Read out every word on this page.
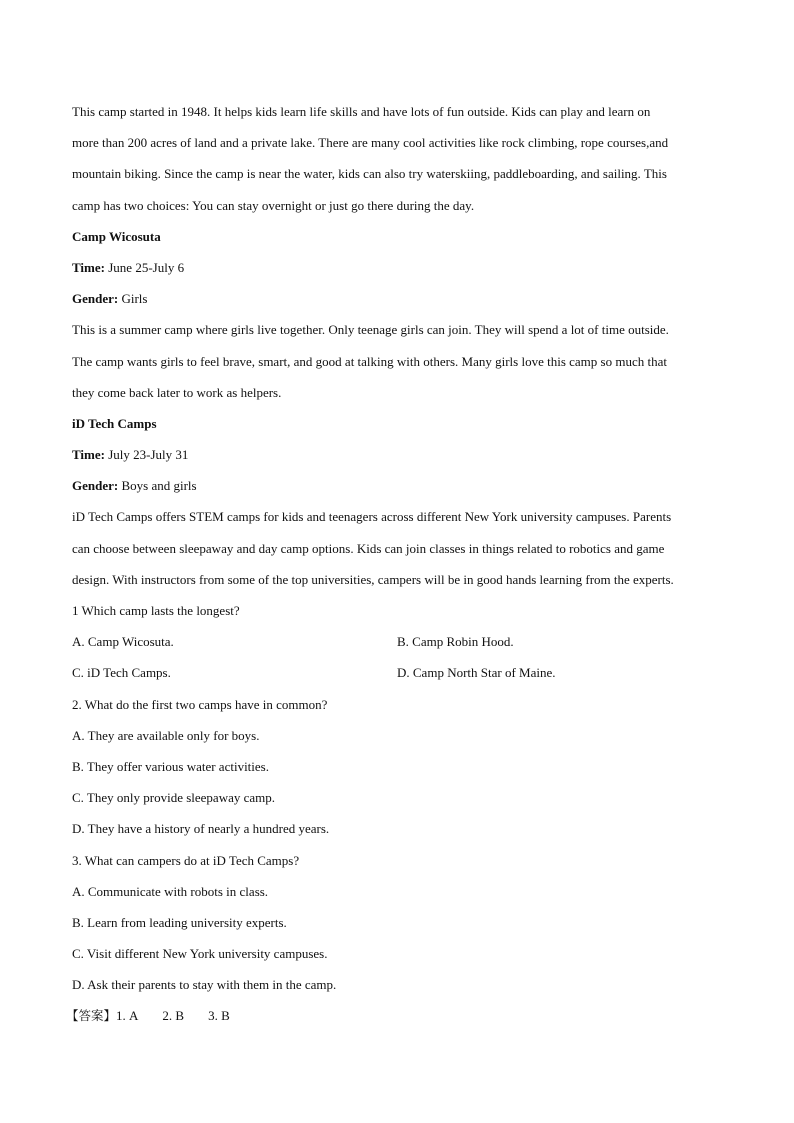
This camp started in 1948. It helps kids learn life skills and have lots of fun outside. Kids can play and learn on
more than 200 acres of land and a private lake. There are many cool activities like rock climbing, rope courses,and
mountain biking. Since the camp is near the water, kids can also try waterskiing, paddleboarding, and sailing. This
camp has two choices: You can stay overnight or just go there during the day.
Camp Wicosuta
Time: June 25-July 6
Gender: Girls
This is a summer camp where girls live together. Only teenage girls can join. They will spend a lot of time outside.
The camp wants girls to feel brave, smart, and good at talking with others. Many girls love this camp so much that
they come back later to work as helpers.
iD Tech Camps
Time: July 23-July 31
Gender: Boys and girls
iD Tech Camps offers STEM camps for kids and teenagers across different New York university campuses. Parents
can choose between sleepaway and day camp options. Kids can join classes in things related to robotics and game
design. With instructors from some of the top universities, campers will be in good hands learning from the experts.
1 Which camp lasts the longest?
A. Camp Wicosuta.	B. Camp Robin Hood.
C. iD Tech Camps.	D. Camp North Star of Maine.
2. What do the first two camps have in common?
A. They are available only for boys.
B. They offer various water activities.
C. They only provide sleepaway camp.
D. They have a history of nearly a hundred years.
3. What can campers do at iD Tech Camps?
A. Communicate with robots in class.
B. Learn from leading university experts.
C. Visit different New York university campuses.
D. Ask their parents to stay with them in the camp.
【答案】1. A 2. B 3. B
